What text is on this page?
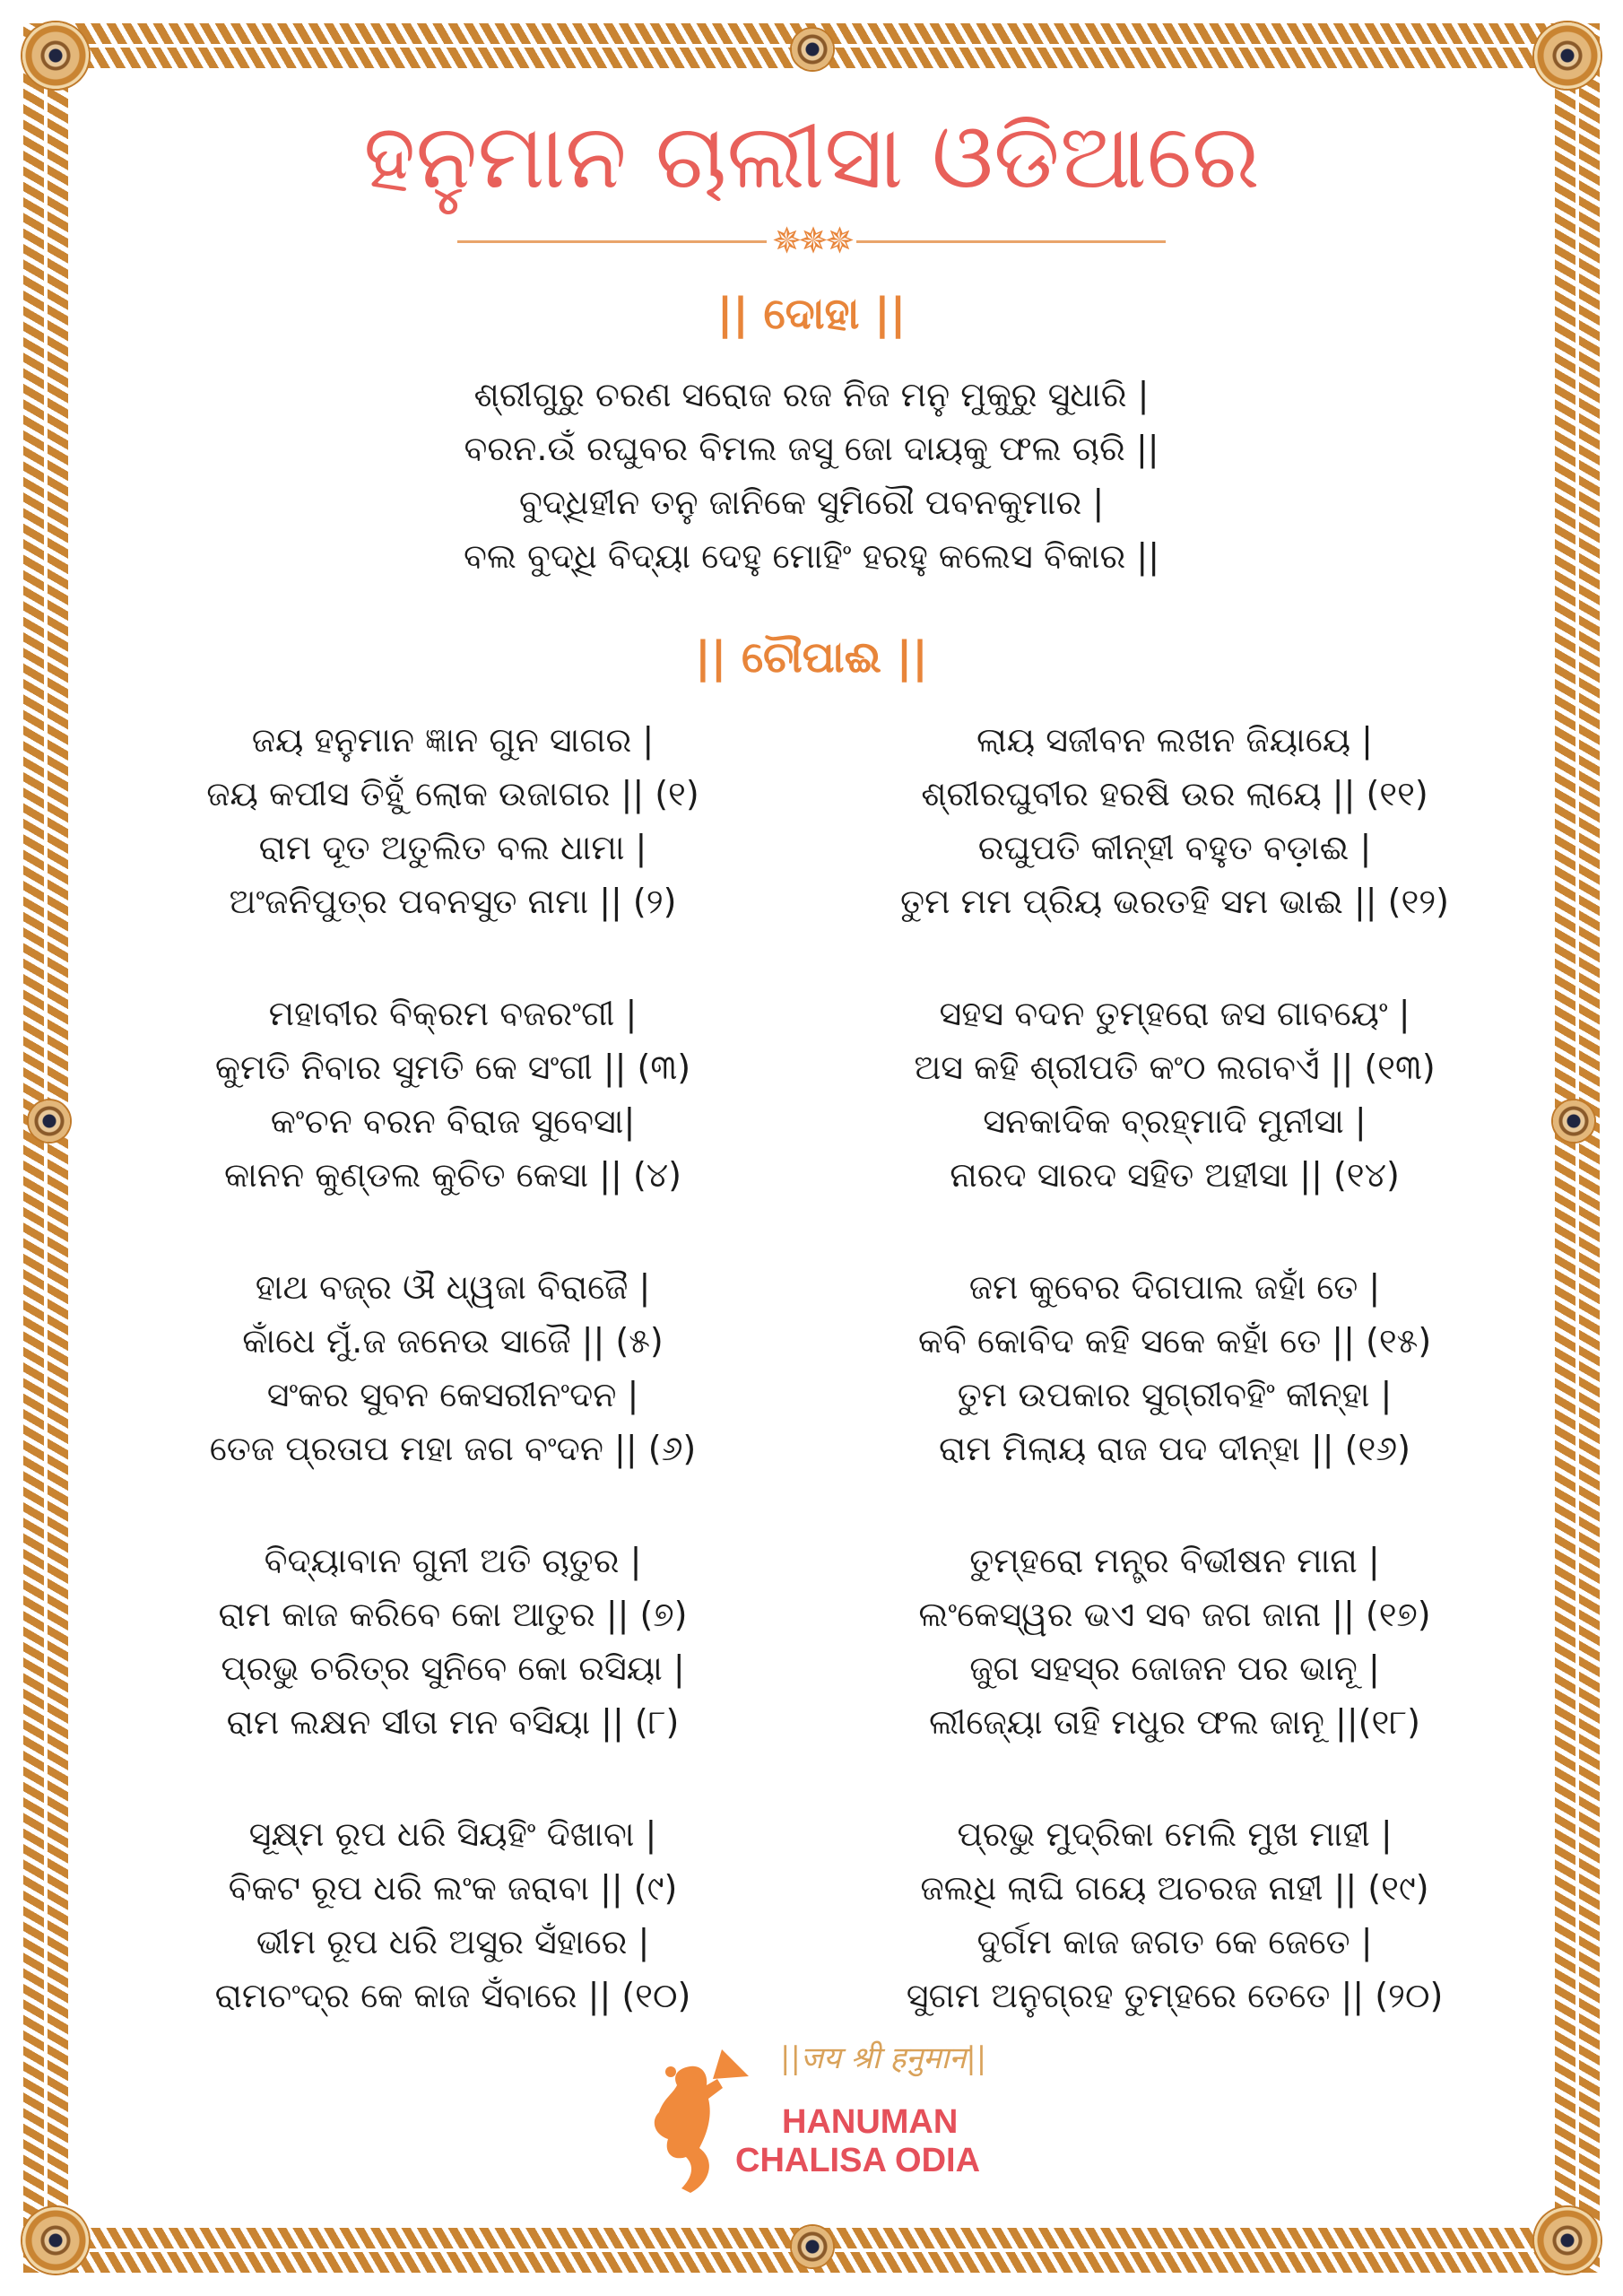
ହନୁମାନ ଚାଲୀସା ଓଡିଆରେ
✵✵✵
|| ଦୋହା ||
ଶ୍ରୀଗୁରୁ ଚରଣ ସରୋଜ ରଜ ନିଜ ମନୁ ମୁକୁରୁ ସୁଧାରି |
ବରନ.ଉଁ ରଘୁବର ବିମଲ ଜସୁ ଜୋ ଦାୟକୁ ଫଲ ଚାରି ||
ବୁଦ୍ଧିହୀନ ତନୁ ଜାନିକେ ସୁମିରୌ ପବନକୁମାର |
ବଲ ବୁଦ୍ଧି ବିଦ୍ୟା ଦେହୁ ମୋହିଂ ହରହୁ କଲେସ ବିକାର ||
|| ଚୌପାଈ ||
ଜୟ ହନୁମାନ ଜ୍ଞାନ ଗୁନ ସାଗର |
ଜୟ କପୀସ ତିହୁଁ ଲୋକ ଉଜାଗର || (୧)
ରାମ ଦୂତ ଅତୁଲିତ ବଲ ଧାମା |
ଅଂଜନିପୁତ୍ର ପବନସୁତ ନାମା || (୨)
ମହାବୀର ବିକ୍ରମ ବଜରଂଗୀ |
କୁମତି ନିବାର ସୁମତି କେ ସଂଗୀ || (୩)
କଂଚନ ବରନ ବିରାଜ ସୁବେସା|
କାନନ କୁଣ୍ଡଲ କୁଚିତ କେସା || (୪)
ହାଥ ବଜ୍ର ଔ ଧ୍ୱଜା ବିରାଜୈ |
କାଁଧେ ମୁଁ.ଜ ଜନେଉ ସାଜୈ || (୫)
ସଂକର ସୁବନ କେସରୀନଂଦନ |
ତେଜ ପ୍ରତାପ ମହା ଜଗ ବଂଦନ || (୬)
ବିଦ୍ୟାବାନ ଗୁନୀ ଅତି ଚାତୁର |
ରାମ କାଜ କରିବେ କୋ ଆତୁର || (୭)
ପ୍ରଭୁ ଚରିତ୍ର ସୁନିବେ କୋ ରସିୟା |
ରାମ ଲକ୍ଷନ ସୀତା ମନ ବସିୟା || (୮)
ସୂକ୍ଷ୍ମ ରୂପ ଧରି ସିୟହିଂ ଦିଖାବା |
ବିକଟ ରୂପ ଧରି ଲଂକ ଜରାବା || (୯)
ଭୀମ ରୂପ ଧରି ଅସୁର ସଁହାରେ |
ରାମଚଂଦ୍ର କେ କାଜ ସଁବାରେ || (୧୦)
ଲାୟ ସଜୀବନ ଲଖନ ଜିୟାୟେ |
ଶ୍ରୀରଘୁବୀର ହରଷି ଉର ଲାୟେ || (୧୧)
ରଘୁପତି କୀନ୍ହୀ ବହୁତ ବଡ଼ାଈ |
ତୁମ ମମ ପ୍ରିୟ ଭରତହି ସମ ଭାଈ || (୧୨)
ସହସ ବଦନ ତୁମ୍ହରୋ ଜସ ଗାବୟେଂ |
ଅସ କହି ଶ୍ରୀପତି କଂଠ ଲଗବଏଁ || (୧୩)
ସନକାଦିକ ବ୍ରହ୍ମାଦି ମୁନୀସା |
ନାରଦ ସାରଦ ସହିତ ଅହୀସା || (୧୪)
ଜମ କୁବେର ଦିଗପାଲ ଜହାଁ ତେ |
କବି କୋବିଦ କହି ସକେ କହାଁ ତେ || (୧୫)
ତୁମ ଉପକାର ସୁଗ୍ରୀବହିଂ କୀନ୍ହା |
ରାମ ମିଲାୟ ରାଜ ପଦ ଦୀନ୍ହା || (୧୬)
ତୁମ୍ହରୋ ମନ୍ତ୍ର ବିଭୀଷନ ମାନା |
ଲଂକେସ୍ୱର ଭଏ ସବ ଜଗ ଜାନା || (୧୭)
ଜୁଗ ସହସ୍ର ଜୋଜନ ପର ଭାନୂ |
ଲୀଜ୍ୟୋ ତାହି ମଧୁର ଫଲ ଜାନୂ ||(୧୮)
ପ୍ରଭୁ ମୁଦ୍ରିକା ମେଲି ମୁଖ ମାହୀ |
ଜଲଧି ଲାଘି ଗୟେ ଅଚରଜ ନାହୀ || (୧୯)
ଦୁର୍ଗମ କାଜ ଜଗତ କେ ଜେତେ |
ସୁଗମ ଅନୁଗ୍ରହ ତୁମ୍ହରେ ତେତେ || (୨୦)
||जय श्री हनुमान||
HANUMAN
CHALISA ODIA
